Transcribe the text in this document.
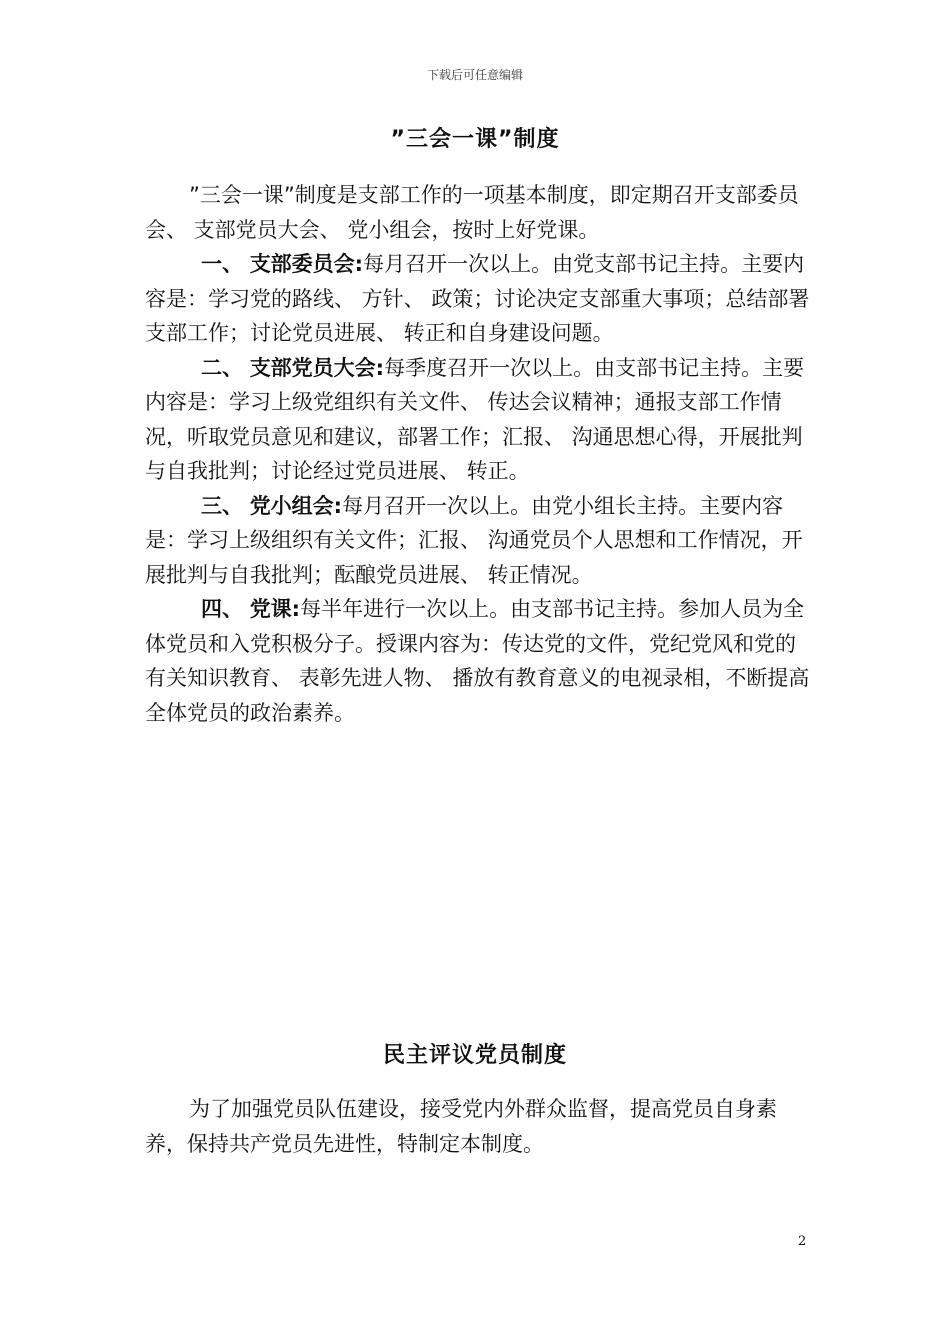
下载后可任意编辑
”三会一课”制度

”三会一课”制度是支部工作的一项基本制度，即定期召开支部委员会、 支部党员大会、 党小组会，按时上好党课。

一、 支部委员会:每月召开一次以上。由党支部书记主持。主要内容是：学习党的路线、 方针、 政策；讨论决定支部重大事项；总结部署支部工作；讨论党员进展、 转正和自身建设问题。

二、 支部党员大会:每季度召开一次以上。由支部书记主持。主要内容是：学习上级党组织有关文件、 传达会议精神；通报支部工作情况，听取党员意见和建议，部署工作；汇报、 沟通思想心得，开展批判与自我批判；讨论经过党员进展、 转正。

三、 党小组会:每月召开一次以上。由党小组长主持。主要内容是：学习上级组织有关文件；汇报、 沟通党员个人思想和工作情况，开展批判与自我批判；酝酿党员进展、 转正情况。

四、 党课:每半年进行一次以上。由支部书记主持。参加人员为全体党员和入党积极分子。授课内容为：传达党的文件，党纪党风和党的有关知识教育、 表彰先进人物、 播放有教育意义的电视录相，不断提高全体党员的政治素养。

民主评议党员制度

为了加强党员队伍建设，接受党内外群众监督，提高党员自身素养，保持共产党员先进性，特制定本制度。

2
